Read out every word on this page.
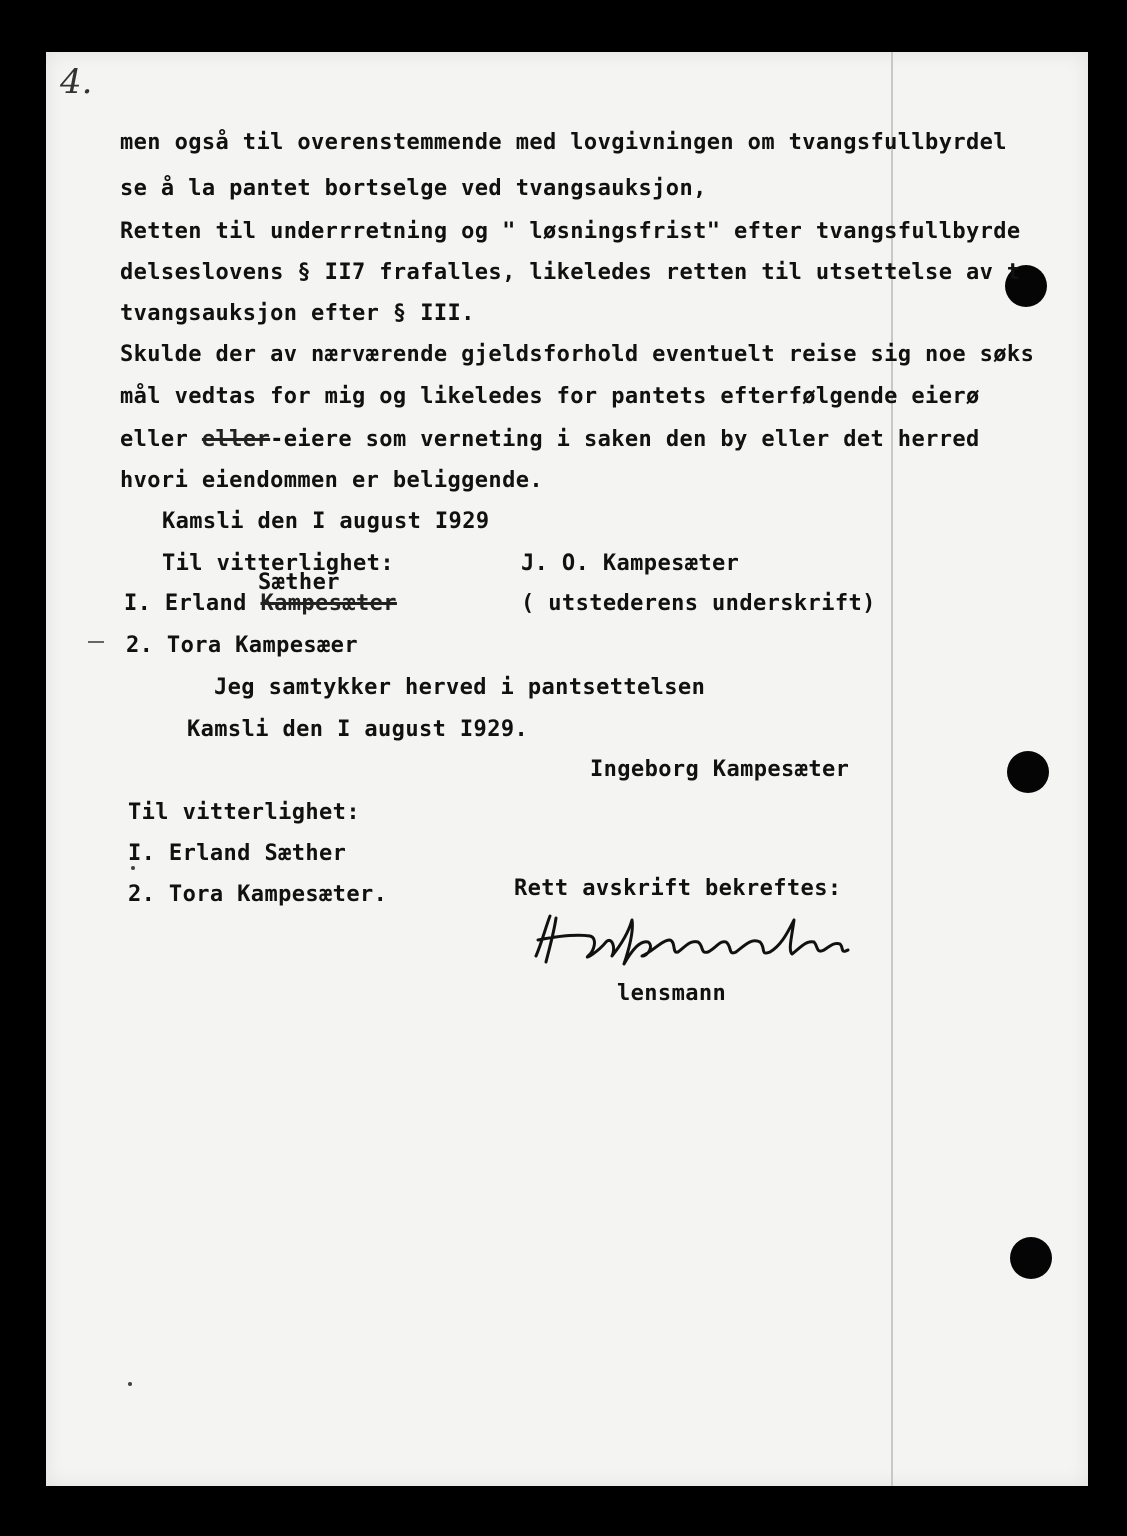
4.
men også til overenstemmende med lovgivningen om tvangsfullbyrdel
se å la pantet bortselge ved tvangsauksjon,
Retten til underrretning og " løsningsfrist" efter tvangsfullbyrde
delseslovens § II7 frafalles, likeledes retten til utsettelse av t
tvangsauksjon efter § III.
Skulde der av nærværende gjeldsforhold eventuelt reise sig noe søks
mål vedtas for mig og likeledes for pantets efterfølgende eierø
eller eller-eiere som verneting i saken den by eller det herred
hvori eiendommen er beliggende.
Kamsli den I august I929
Til vitterlighet:	J. O. Kampesæter
Sæther
I. Erland Kampesæter	( utstederens underskrift)
2. Tora Kampesæer
Jeg samtykker herved i pantsettelsen
Kamsli den I august I929.
Ingeborg Kampesæter
Til vitterlighet:
I. Erland Sæther
2. Tora Kampesæter.	Rett avskrift bekreftes:
lensmann
